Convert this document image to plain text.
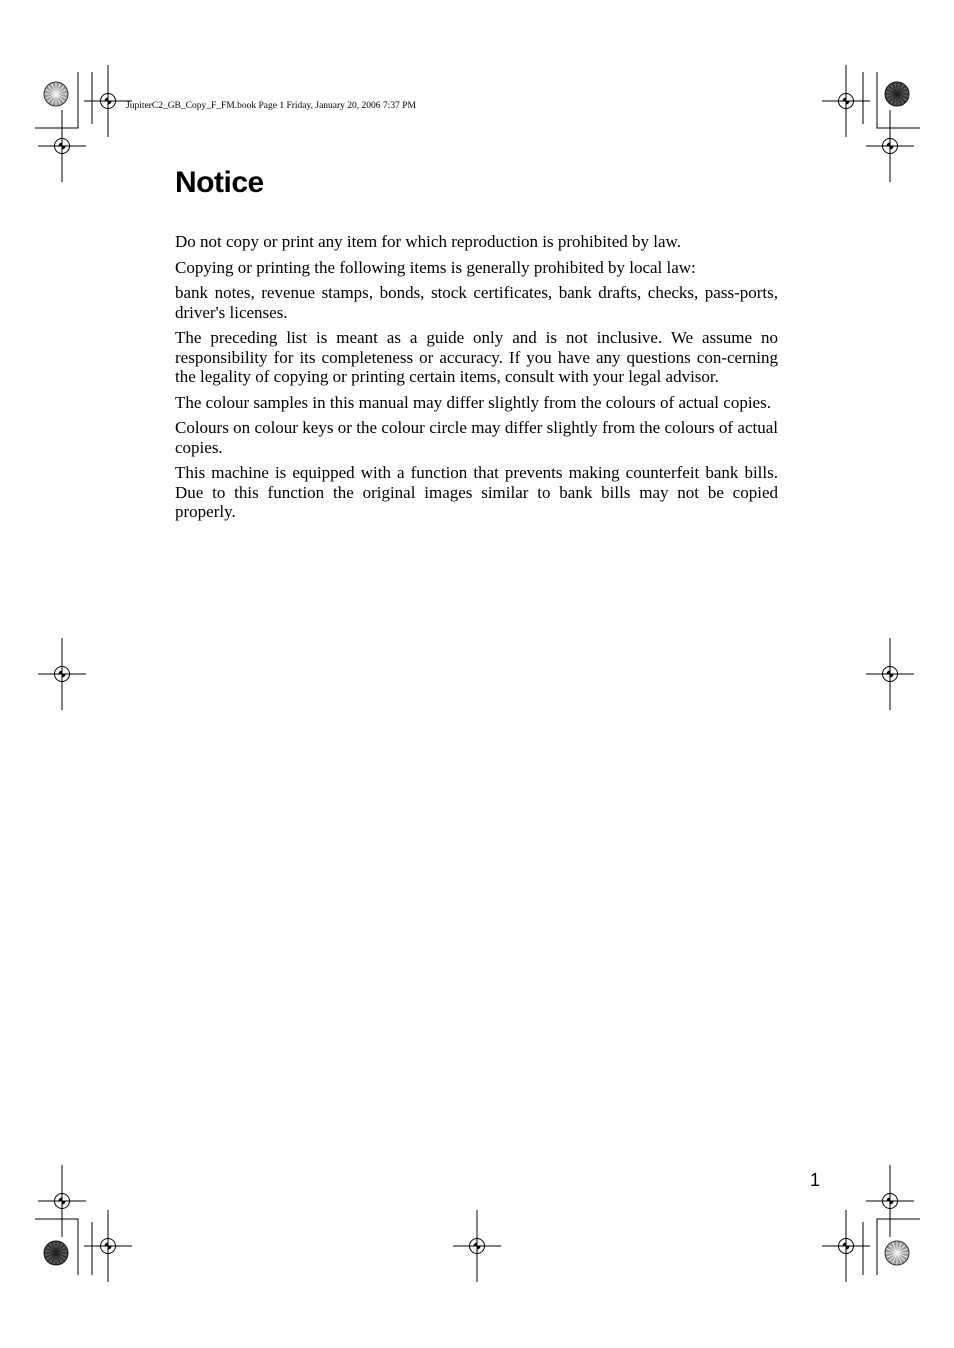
JupiterC2_GB_Copy_F_FM.book Page 1 Friday, January 20, 2006 7:37 PM
Notice

Do not copy or print any item for which reproduction is prohibited by law.

Copying or printing the following items is generally prohibited by local law:

bank notes, revenue stamps, bonds, stock certificates, bank drafts, checks, pass-ports, driver's licenses.

The preceding list is meant as a guide only and is not inclusive. We assume no responsibility for its completeness or accuracy. If you have any questions con-cerning the legality of copying or printing certain items, consult with your legal advisor.

The colour samples in this manual may differ slightly from the colours of actual copies.

Colours on colour keys or the colour circle may differ slightly from the colours of actual copies.

This machine is equipped with a function that prevents making counterfeit bank bills. Due to this function the original images similar to bank bills may not be copied properly.

1
